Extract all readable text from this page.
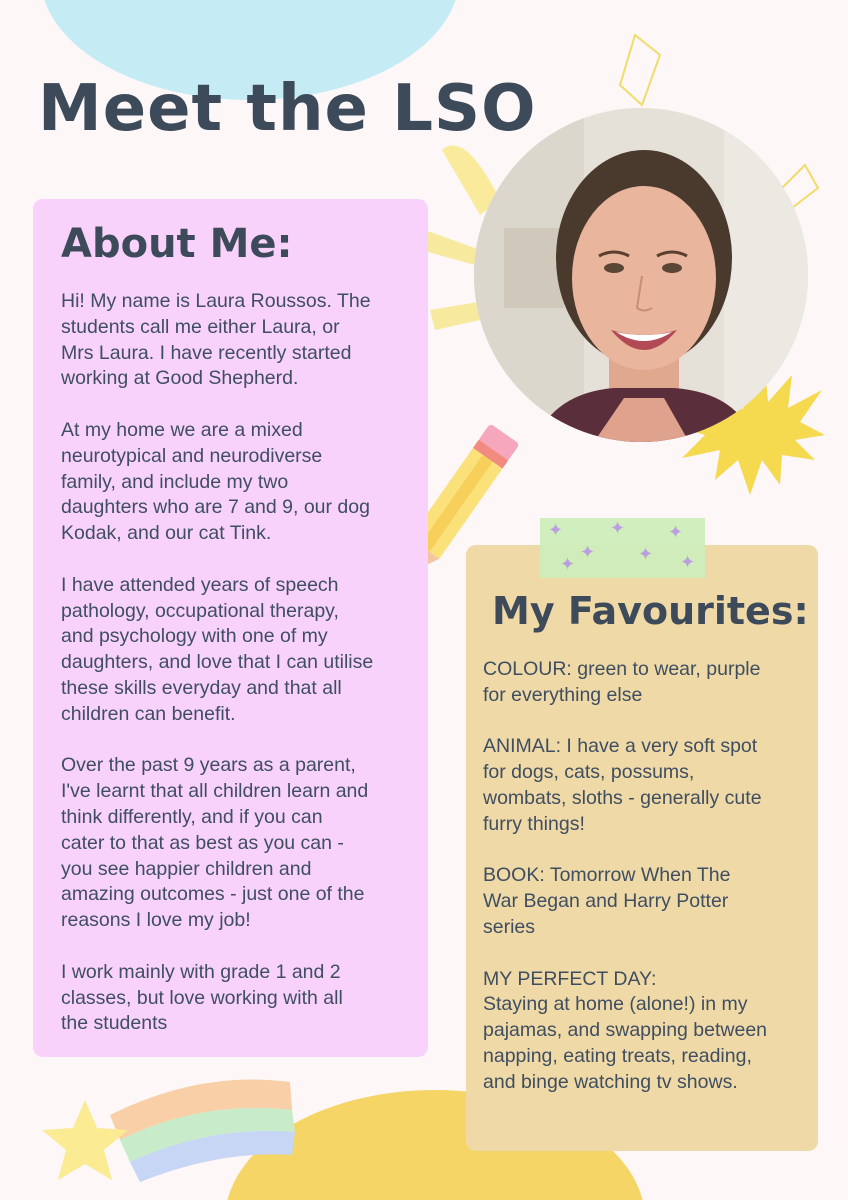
Meet the LSO
About Me:
Hi! My name is Laura Roussos. The
students call me either Laura, or
Mrs Laura. I have recently started
working at Good Shepherd.
At my home we are a mixed
neurotypical and neurodiverse
family, and include my two
daughters who are 7 and 9, our dog
Kodak, and our cat Tink.
I have attended years of speech
pathology, occupational therapy,
and psychology with one of my
daughters, and love that I can utilise
these skills everyday and that all
children can benefit.
Over the past 9 years as a parent,
I've learnt that all children learn and
think differently, and if you can
cater to that as best as you can -
you see happier children and
amazing outcomes - just one of the
reasons I love my job!
I work mainly with grade 1 and 2
classes, but love working with all
the students
My Favourites:
COLOUR: green to wear, purple
for everything else
ANIMAL: I have a very soft spot
for dogs, cats, possums,
wombats, sloths - generally cute
furry things!
BOOK: Tomorrow When The
War Began and Harry Potter
series
MY PERFECT DAY:
Staying at home (alone!) in my
pajamas, and swapping between
napping, eating treats, reading,
and binge watching tv shows.
✦
✦
✦
✦
✦
✦	✦
